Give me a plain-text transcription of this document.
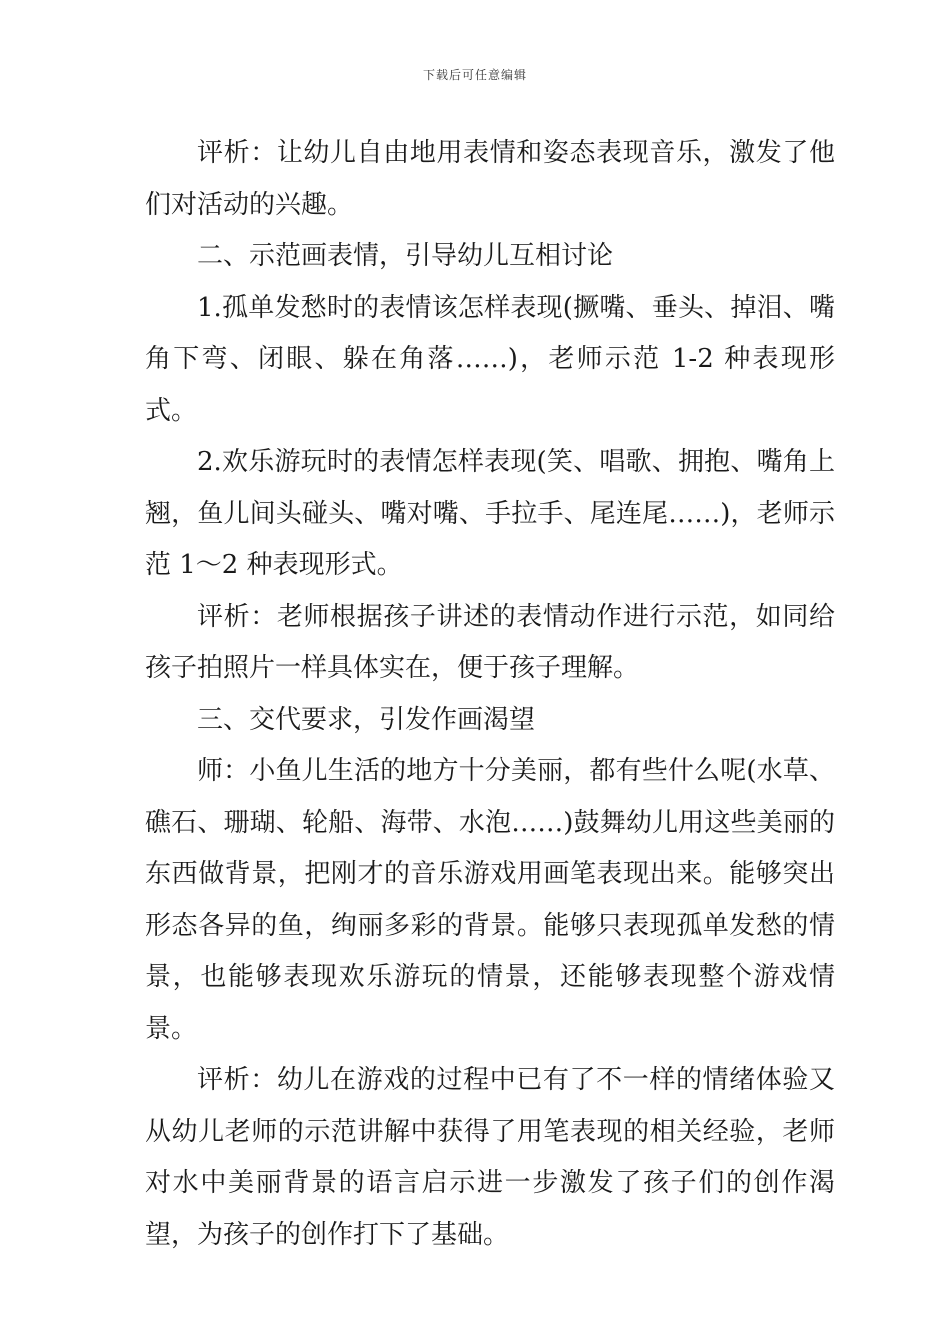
下载后可任意编辑

评析：让幼儿自由地用表情和姿态表现音乐，激发了他们对活动的兴趣。

二、示范画表情，引导幼儿互相讨论

1.孤单发愁时的表情该怎样表现(撅嘴、垂头、掉泪、嘴角下弯、闭眼、躲在角落……)，老师示范 1-2 种表现形式。

2.欢乐游玩时的表情怎样表现(笑、唱歌、拥抱、嘴角上翘，鱼儿间头碰头、嘴对嘴、手拉手、尾连尾……)，老师示范 1～2 种表现形式。

评析：老师根据孩子讲述的表情动作进行示范，如同给孩子拍照片一样具体实在，便于孩子理解。

三、交代要求，引发作画渴望

师：小鱼儿生活的地方十分美丽，都有些什么呢(水草、礁石、珊瑚、轮船、海带、水泡……)鼓舞幼儿用这些美丽的东西做背景，把刚才的音乐游戏用画笔表现出来。能够突出形态各异的鱼，绚丽多彩的背景。能够只表现孤单发愁的情景，也能够表现欢乐游玩的情景，还能够表现整个游戏情景。

评析：幼儿在游戏的过程中已有了不一样的情绪体验又从幼儿老师的示范讲解中获得了用笔表现的相关经验，老师对水中美丽背景的语言启示进一步激发了孩子们的创作渴望，为孩子的创作打下了基础。
